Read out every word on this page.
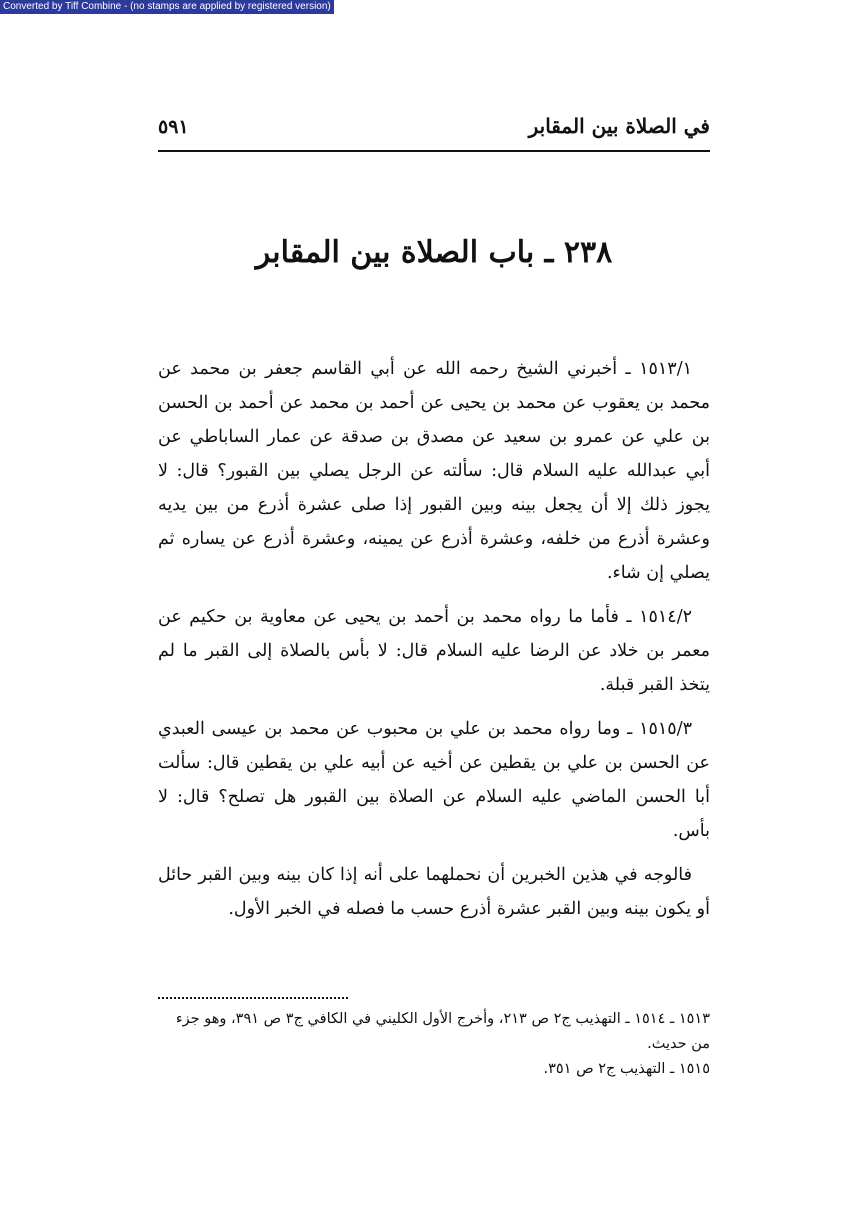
Converted by Tiff Combine - (no stamps are applied by registered version)
في الصلاة بين المقابر
٥٩١
٢٣٨ ـ باب الصلاة بين المقابر

١٥١٣/١ ـ أخبرني الشيخ رحمه الله عن أبي القاسم جعفر بن محمد عن محمد بن يعقوب عن محمد بن يحيى عن أحمد بن محمد عن أحمد بن الحسن بن علي عن عمرو بن سعيد عن مصدق بن صدقة عن عمار الساباطي عن أبي عبدالله عليه السلام قال: سألته عن الرجل يصلي بين القبور؟ قال: لا يجوز ذلك إلا أن يجعل بينه وبين القبور إذا صلى عشرة أذرع من بين يديه وعشرة أذرع من خلفه، وعشرة أذرع عن يمينه، وعشرة أذرع عن يساره ثم يصلي إن شاء.

١٥١٤/٢ ـ فأما ما رواه محمد بن أحمد بن يحيى عن معاوية بن حكيم عن معمر بن خلاد عن الرضا عليه السلام قال: لا بأس بالصلاة إلى القبر ما لم يتخذ القبر قبلة.

١٥١٥/٣ ـ وما رواه محمد بن علي بن محبوب عن محمد بن عيسى العبدي عن الحسن بن علي بن يقطين عن أخيه عن أبيه علي بن يقطين قال: سألت أبا الحسن الماضي عليه السلام عن الصلاة بين القبور هل تصلح؟ قال: لا بأس.

فالوجه في هذين الخبرين أن نحملهما على أنه إذا كان بينه وبين القبر حائل أو يكون بينه وبين القبر عشرة أذرع حسب ما فصله في الخبر الأول.

١٥١٣ ـ ١٥١٤ ـ التهذيب ج٢ ص ٢١٣، وأخرج الأول الكليني في الكافي ج٣ ص ٣٩١، وهو جزء من حديث.

١٥١٥ ـ التهذيب ج٢ ص ٣٥١.
